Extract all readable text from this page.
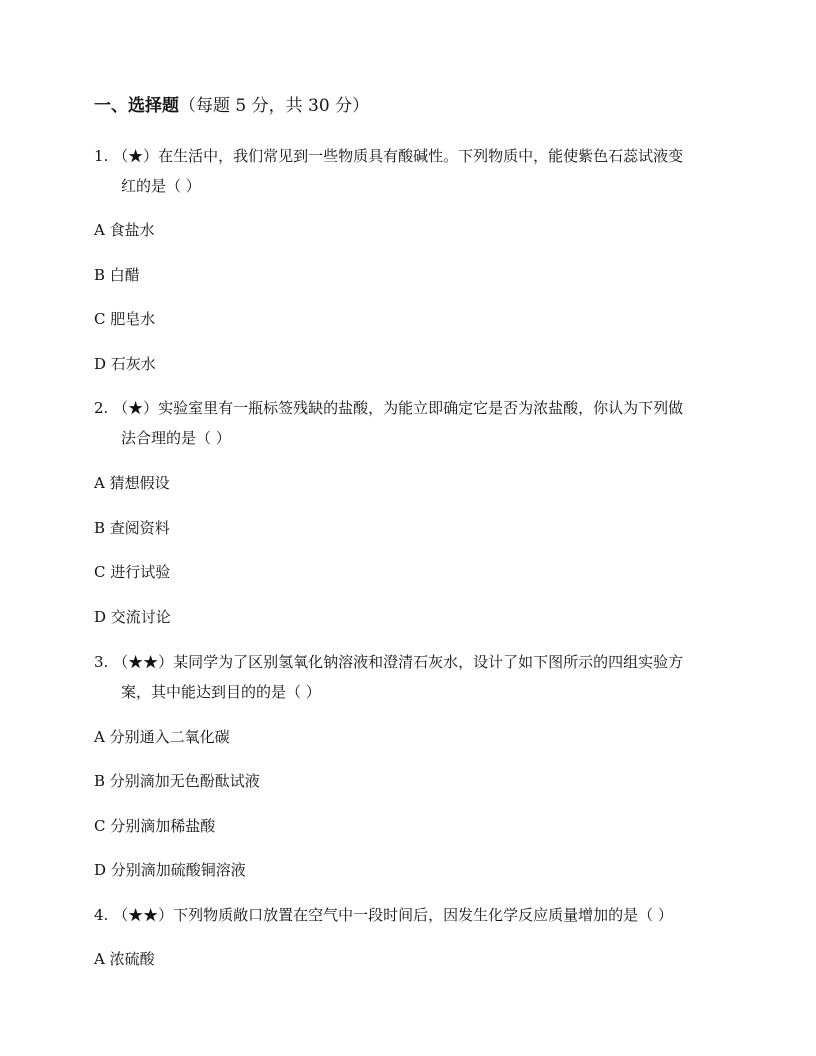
一、选择题（每题 5 分，共 30 分）
1. （★）在生活中，我们常见到一些物质具有酸碱性。下列物质中，能使紫色石蕊试液变
红的是（ ）
A 食盐水
B 白醋
C 肥皂水
D 石灰水
2. （★）实验室里有一瓶标签残缺的盐酸，为能立即确定它是否为浓盐酸，你认为下列做
法合理的是（ ）
A 猜想假设
B 查阅资料
C 进行试验
D 交流讨论
3. （★★）某同学为了区别氢氧化钠溶液和澄清石灰水，设计了如下图所示的四组实验方
案，其中能达到目的的是（ ）
A 分别通入二氧化碳
B 分别滴加无色酚酞试液
C 分别滴加稀盐酸
D 分别滴加硫酸铜溶液
4. （★★）下列物质敞口放置在空气中一段时间后，因发生化学反应质量增加的是（ ）
A 浓硫酸
